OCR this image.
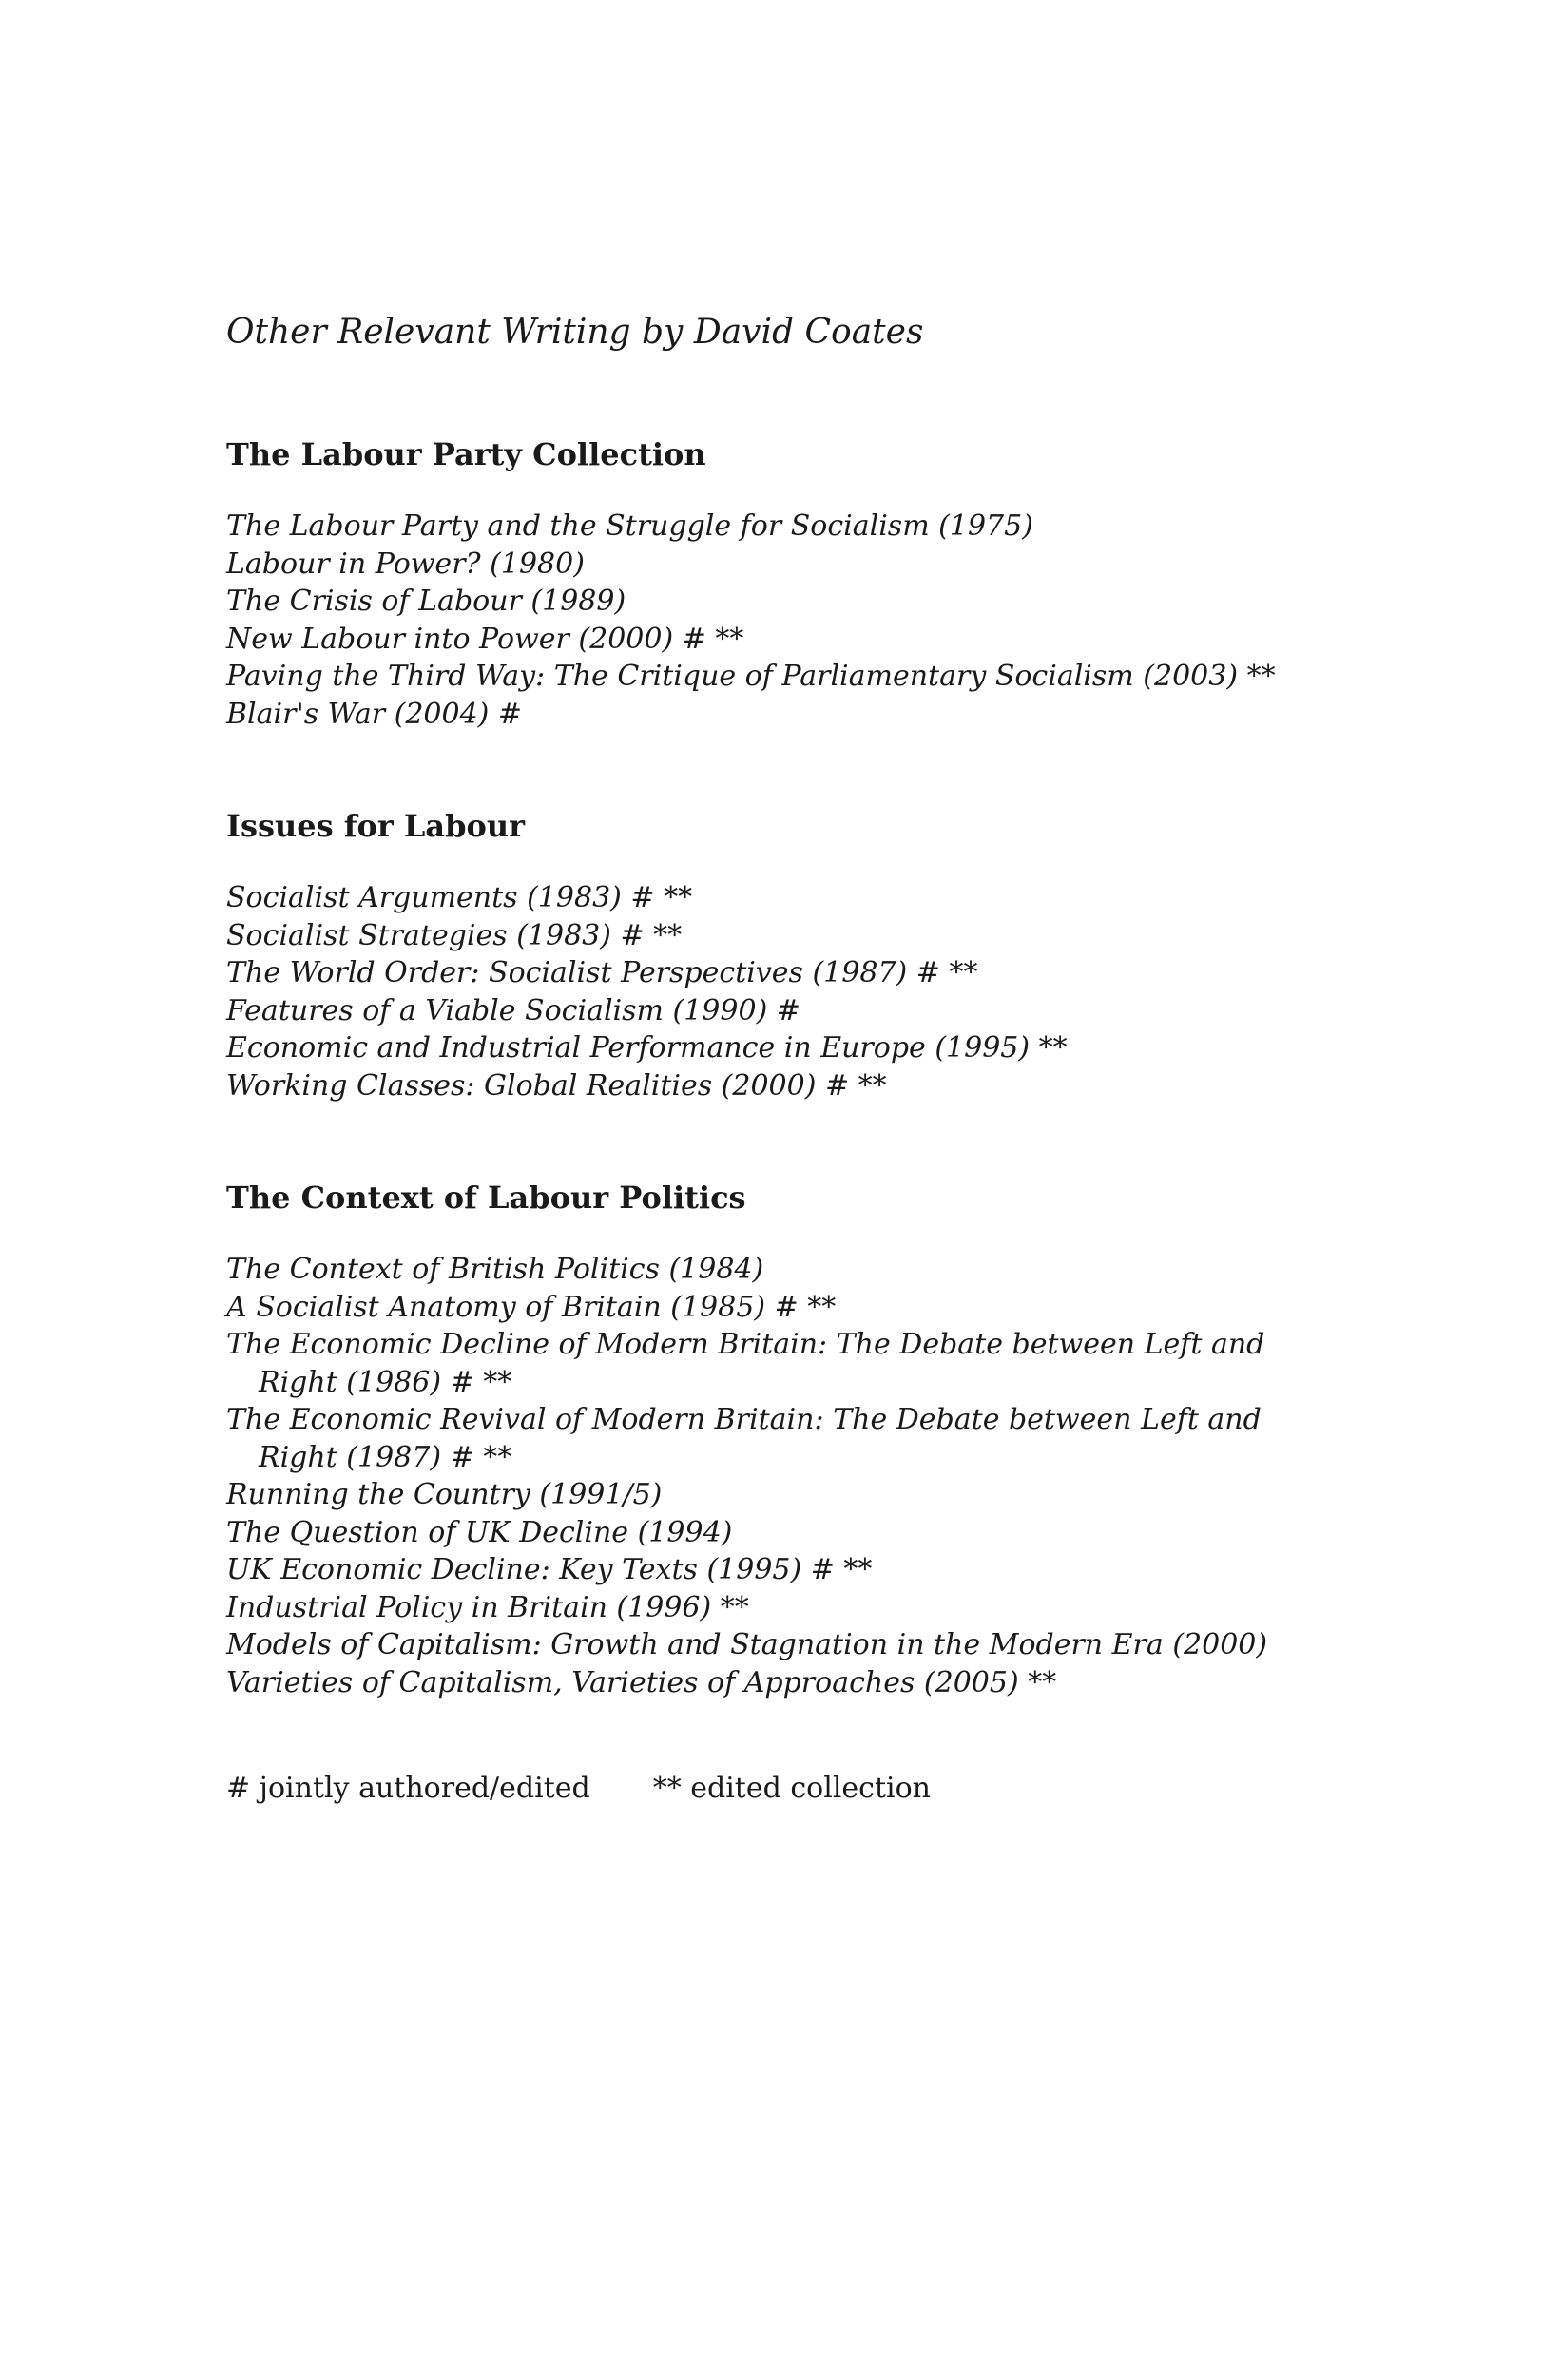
Other Relevant Writing by David Coates
The Labour Party Collection
The Labour Party and the Struggle for Socialism (1975)
Labour in Power? (1980)
The Crisis of Labour (1989)
New Labour into Power (2000) # **
Paving the Third Way: The Critique of Parliamentary Socialism (2003) **
Blair's War (2004) #
Issues for Labour
Socialist Arguments (1983) # **
Socialist Strategies (1983) # **
The World Order: Socialist Perspectives (1987) # **
Features of a Viable Socialism (1990) #
Economic and Industrial Performance in Europe (1995) **
Working Classes: Global Realities (2000) # **
The Context of Labour Politics
The Context of British Politics (1984)
A Socialist Anatomy of Britain (1985) # **
The Economic Decline of Modern Britain: The Debate between Left and Right (1986) # **
The Economic Revival of Modern Britain: The Debate between Left and Right (1987) # **
Running the Country (1991/5)
The Question of UK Decline (1994)
UK Economic Decline: Key Texts (1995) # **
Industrial Policy in Britain (1996) **
Models of Capitalism: Growth and Stagnation in the Modern Era (2000)
Varieties of Capitalism, Varieties of Approaches (2005) **
# jointly authored/edited ** edited collection
